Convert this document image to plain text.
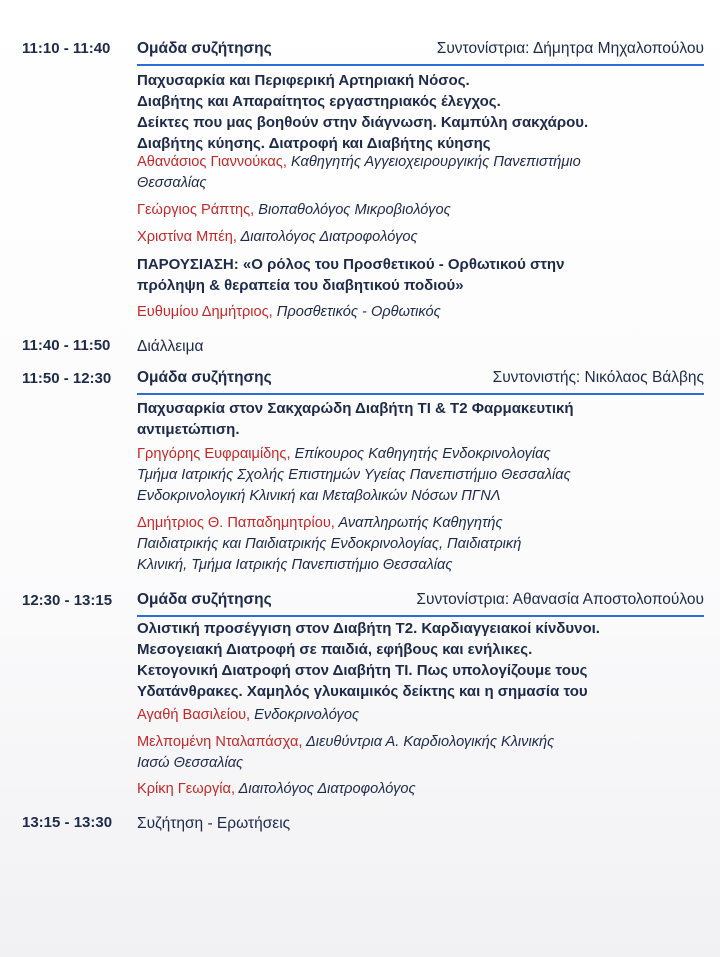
11:10 - 11:40	Ομάδα συζήτησης	Συντονίστρια: Δήμητρα Μηχαλοπούλου
Παχυσαρκία και Περιφερική Αρτηριακή Νόσος.
Διαβήτης και Απαραίτητος εργαστηριακός έλεγχος.
Δείκτες που μας βοηθούν στην διάγνωση. Καμπύλη σακχάρου.
Διαβήτης κύησης. Διατροφή και Διαβήτης κύησης
Αθανάσιος Γιαννούκας, Καθηγητής Αγγειοχειρουργικής Πανεπιστήμιο
Θεσσαλίας
Γεώργιος Ράπτης, Βιοπαθολόγος Μικροβιολόγος
Χριστίνα Μπέη, Διαιτολόγος Διατροφολόγος
ΠΑΡΟΥΣΙΑΣΗ: «Ο ρόλος του Προσθετικού - Ορθωτικού στην
πρόληψη & θεραπεία του διαβητικού ποδιού»
Ευθυμίου Δημήτριος, Προσθετικός - Ορθωτικός
11:40 - 11:50	Διάλλειμα
11:50 - 12:30	Ομάδα συζήτησης	Συντονιστής: Νικόλαος Βάλβης
Παχυσαρκία στον Σακχαρώδη Διαβήτη ΤΙ & Τ2 Φαρμακευτική
αντιμετώπιση.
Γρηγόρης Ευφραιμίδης, Επίκουρος Καθηγητής Ενδοκρινολογίας
Τμήμα Ιατρικής Σχολής Επιστημών Υγείας Πανεπιστήμιο Θεσσαλίας
Ενδοκρινολογική Κλινική και Μεταβολικών Νόσων ΠΓΝΛ
Δημήτριος Θ. Παπαδημητρίου, Αναπληρωτής Καθηγητής
Παιδιατρικής και Παιδιατρικής Ενδοκρινολογίας, Παιδιατρική
Κλινική, Τμήμα Ιατρικής Πανεπιστήμιο Θεσσαλίας
12:30 - 13:15	Ομάδα συζήτησης	Συντονίστρια: Αθανασία Αποστολοπούλου
Ολιστική προσέγγιση στον Διαβήτη Τ2. Καρδιαγγειακοί κίνδυνοι.
Μεσογειακή Διατροφή σε παιδιά, εφήβους και ενήλικες.
Κετογονική Διατροφή στον Διαβήτη ΤΙ. Πως υπολογίζουμε τους
Υδατάνθρακες. Χαμηλός γλυκαιμικός δείκτης και η σημασία του
Αγαθή Βασιλείου, Ενδοκρινολόγος
Μελπομένη Νταλαπάσχα, Διευθύντρια Α. Καρδιολογικής Κλινικής
Ιασώ Θεσσαλίας
Κρίκη Γεωργία, Διαιτολόγος Διατροφολόγος
13:15 - 13:30	Συζήτηση - Ερωτήσεις
